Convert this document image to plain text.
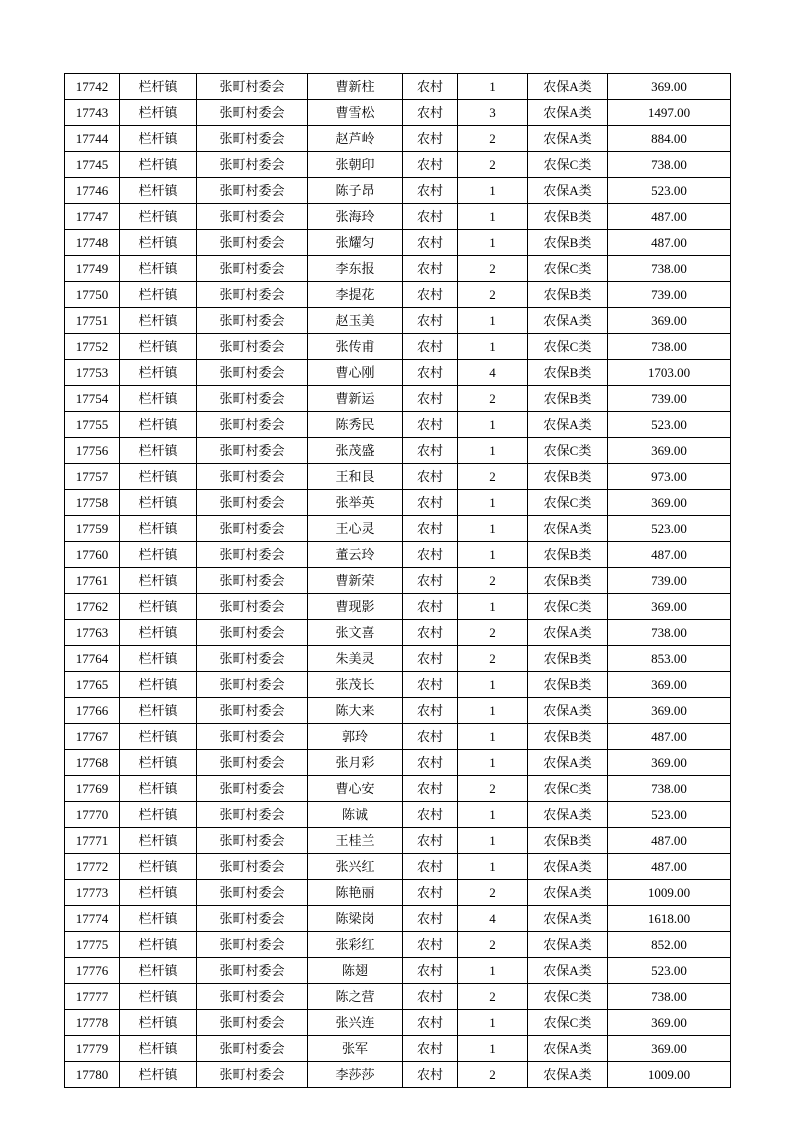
17742	栏杆镇	张町村委会	曹新柱	农村	1	农保A类	369.00
17743	栏杆镇	张町村委会	曹雪松	农村	3	农保A类	1497.00
17744	栏杆镇	张町村委会	赵芦岭	农村	2	农保A类	884.00
17745	栏杆镇	张町村委会	张朝印	农村	2	农保C类	738.00
17746	栏杆镇	张町村委会	陈子昂	农村	1	农保A类	523.00
17747	栏杆镇	张町村委会	张海玲	农村	1	农保B类	487.00
17748	栏杆镇	张町村委会	张耀匀	农村	1	农保B类	487.00
17749	栏杆镇	张町村委会	李东报	农村	2	农保C类	738.00
17750	栏杆镇	张町村委会	李提花	农村	2	农保B类	739.00
17751	栏杆镇	张町村委会	赵玉美	农村	1	农保A类	369.00
17752	栏杆镇	张町村委会	张传甫	农村	1	农保C类	738.00
17753	栏杆镇	张町村委会	曹心刚	农村	4	农保B类	1703.00
17754	栏杆镇	张町村委会	曹新运	农村	2	农保B类	739.00
17755	栏杆镇	张町村委会	陈秀民	农村	1	农保A类	523.00
17756	栏杆镇	张町村委会	张茂盛	农村	1	农保C类	369.00
17757	栏杆镇	张町村委会	王和艮	农村	2	农保B类	973.00
17758	栏杆镇	张町村委会	张举英	农村	1	农保C类	369.00
17759	栏杆镇	张町村委会	王心灵	农村	1	农保A类	523.00
17760	栏杆镇	张町村委会	董云玲	农村	1	农保B类	487.00
17761	栏杆镇	张町村委会	曹新荣	农村	2	农保B类	739.00
17762	栏杆镇	张町村委会	曹现影	农村	1	农保C类	369.00
17763	栏杆镇	张町村委会	张文喜	农村	2	农保A类	738.00
17764	栏杆镇	张町村委会	朱美灵	农村	2	农保B类	853.00
17765	栏杆镇	张町村委会	张茂长	农村	1	农保B类	369.00
17766	栏杆镇	张町村委会	陈大来	农村	1	农保A类	369.00
17767	栏杆镇	张町村委会	郭玲	农村	1	农保B类	487.00
17768	栏杆镇	张町村委会	张月彩	农村	1	农保A类	369.00
17769	栏杆镇	张町村委会	曹心安	农村	2	农保C类	738.00
17770	栏杆镇	张町村委会	陈诚	农村	1	农保A类	523.00
17771	栏杆镇	张町村委会	王桂兰	农村	1	农保B类	487.00
17772	栏杆镇	张町村委会	张兴红	农村	1	农保A类	487.00
17773	栏杆镇	张町村委会	陈艳丽	农村	2	农保A类	1009.00
17774	栏杆镇	张町村委会	陈梁岗	农村	4	农保A类	1618.00
17775	栏杆镇	张町村委会	张彩红	农村	2	农保A类	852.00
17776	栏杆镇	张町村委会	陈翅	农村	1	农保A类	523.00
17777	栏杆镇	张町村委会	陈之营	农村	2	农保C类	738.00
17778	栏杆镇	张町村委会	张兴连	农村	1	农保C类	369.00
17779	栏杆镇	张町村委会	张军	农村	1	农保A类	369.00
17780	栏杆镇	张町村委会	李莎莎	农村	2	农保A类	1009.00
